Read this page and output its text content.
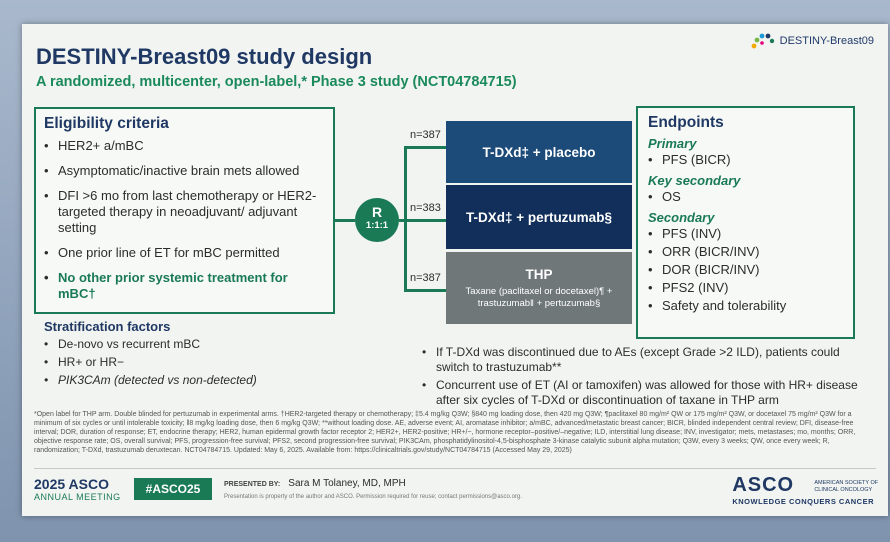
DESTINY-Breast09
DESTINY-Breast09 study design
A randomized, multicenter, open-label,* Phase 3 study (NCT04784715)
Eligibility criteria
• HER2+ a/mBC
• Asymptomatic/inactive brain mets allowed
• DFI >6 mo from last chemotherapy or HER2-targeted therapy in neoadjuvant/ adjuvant setting
• One prior line of ET for mBC permitted
• No other prior systemic treatment for mBC†
Stratification factors
• De-novo vs recurrent mBC
• HR+ or HR−
• PIK3CAm (detected vs non-detected)
R
1:1:1
n=387
n=383
n=387
T-DXd‡ + placebo
T-DXd‡ + pertuzumab§
THP
Taxane (paclitaxel or docetaxel)¶ + trastuzumab‖ + pertuzumab§
Endpoints
Primary
• PFS (BICR)
Key secondary
• OS
Secondary
• PFS (INV)
• ORR (BICR/INV)
• DOR (BICR/INV)
• PFS2 (INV)
• Safety and tolerability
• If T-DXd was discontinued due to AEs (except Grade >2 ILD), patients could switch to trastuzumab**
• Concurrent use of ET (AI or tamoxifen) was allowed for those with HR+ disease after six cycles of T-DXd or discontinuation of taxane in THP arm
*Open label for THP arm. Double blinded for pertuzumab in experimental arms. †HER2-targeted therapy or chemotherapy; ‡5.4 mg/kg Q3W; §840 mg loading dose, then 420 mg Q3W; ¶paclitaxel 80 mg/m² QW or 175 mg/m² Q3W, or docetaxel 75 mg/m² Q3W for a minimum of six cycles or until intolerable toxicity; ‖8 mg/kg loading dose, then 6 mg/kg Q3W; **without loading dose. AE, adverse event; AI, aromatase inhibitor; a/mBC, advanced/metastatic breast cancer; BICR, blinded independent central review; DFI, disease-free interval; DOR, duration of response; ET, endocrine therapy; HER2, human epidermal growth factor receptor 2; HER2+, HER2-positive; HR+/−, hormone receptor–positive/–negative; ILD, interstitial lung disease; INV, investigator; mets, metastases; mo, months; ORR, objective response rate; OS, overall survival; PFS, progression-free survival; PFS2, second progression-free survival; PIK3CAm, phosphatidylinositol-4,5-bisphosphate 3-kinase catalytic subunit alpha mutation; Q3W, every 3 weeks; QW, once every week; R, randomization; T-DXd, trastuzumab deruxtecan. NCT04784715. Updated: May 6, 2025. Available from: https://clinicaltrials.gov/study/NCT04784715 (Accessed May 29, 2025)
2025 ASCO
ANNUAL MEETING
#ASCO25	PRESENTED BY: Sara M Tolaney, MD, MPH
Presentation is property of the author and ASCO. Permission required for reuse; contact permissions@asco.org.
ASCO	AMERICAN SOCIETY OF CLINICAL ONCOLOGY
KNOWLEDGE CONQUERS CANCER
